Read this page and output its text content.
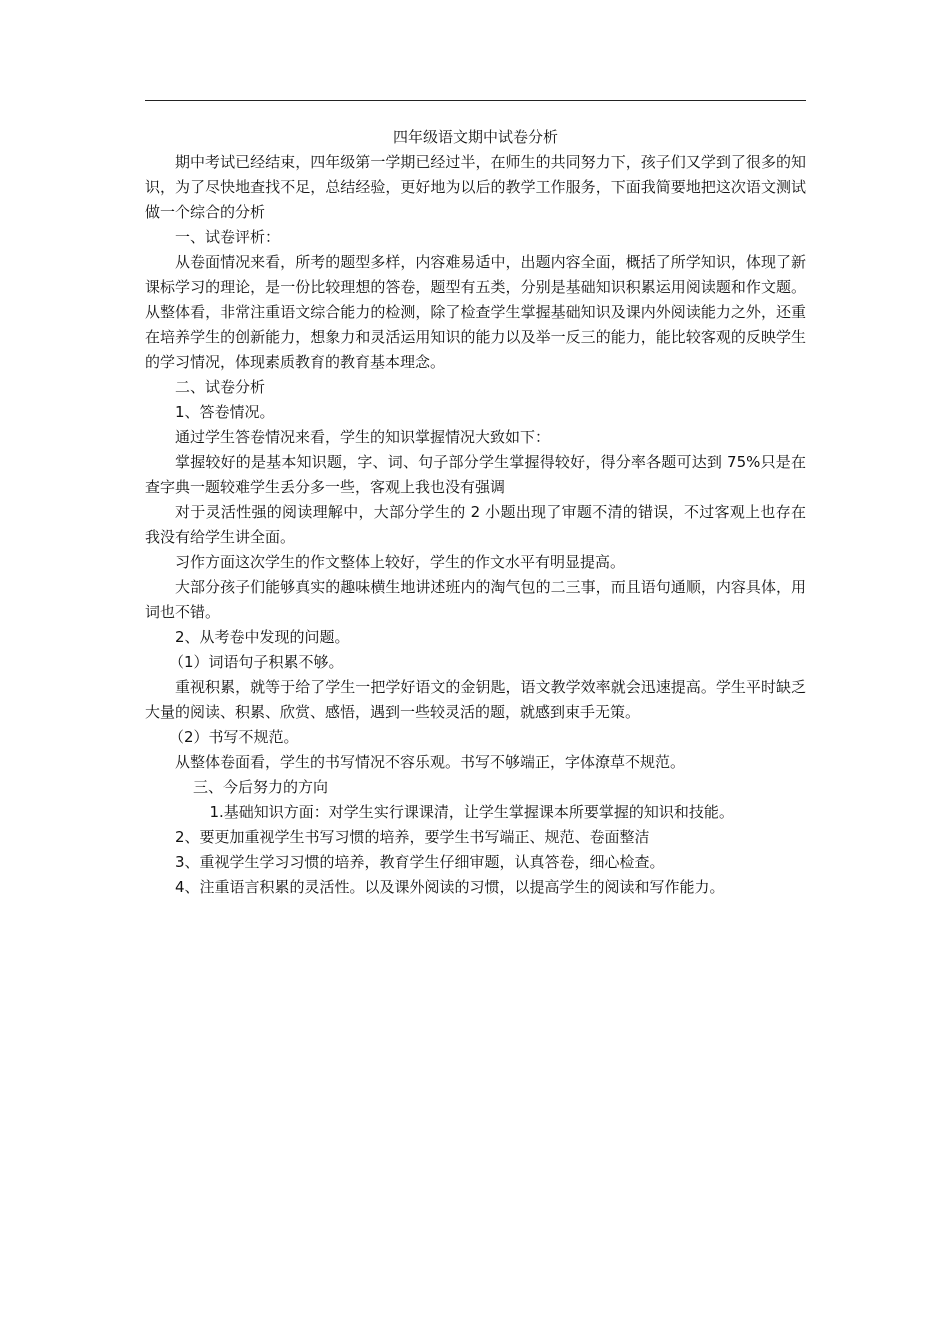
四年级语文期中试卷分析

期中考试已经结束，四年级第一学期已经过半，在师生的共同努力下，孩子们又学到了很多的知识，为了尽快地查找不足，总结经验，更好地为以后的教学工作服务，下面我简要地把这次语文测试做一个综合的分析

一、试卷评析：

从卷面情况来看，所考的题型多样，内容难易适中，出题内容全面，概括了所学知识，体现了新课标学习的理论，是一份比较理想的答卷，题型有五类，分别是基础知识积累运用阅读题和作文题。从整体看，非常注重语文综合能力的检测，除了检查学生掌握基础知识及课内外阅读能力之外，还重在培养学生的创新能力，想象力和灵活运用知识的能力以及举一反三的能力，能比较客观的反映学生的学习情况，体现素质教育的教育基本理念。

二、试卷分析

1、答卷情况。

通过学生答卷情况来看，学生的知识掌握情况大致如下：

掌握较好的是基本知识题，字、词、句子部分学生掌握得较好，得分率各题可达到 75%只是在查字典一题较难学生丢分多一些，客观上我也没有强调

对于灵活性强的阅读理解中，大部分学生的 2 小题出现了审题不清的错误，不过客观上也存在我没有给学生讲全面。

习作方面这次学生的作文整体上较好，学生的作文水平有明显提高。

大部分孩子们能够真实的趣味横生地讲述班内的淘气包的二三事，而且语句通顺，内容具体，用词也不错。

2、从考卷中发现的问题。

（1）词语句子积累不够。

重视积累，就等于给了学生一把学好语文的金钥匙，语文教学效率就会迅速提高。学生平时缺乏大量的阅读、积累、欣赏、感悟，遇到一些较灵活的题，就感到束手无策。

（2）书写不规范。

从整体卷面看，学生的书写情况不容乐观。书写不够端正，字体潦草不规范。

三、今后努力的方向

1.基础知识方面：对学生实行课课清，让学生掌握课本所要掌握的知识和技能。

2、要更加重视学生书写习惯的培养，要学生书写端正、规范、卷面整洁

3、重视学生学习习惯的培养，教育学生仔细审题，认真答卷，细心检查。

4、注重语言积累的灵活性。以及课外阅读的习惯，以提高学生的阅读和写作能力。
